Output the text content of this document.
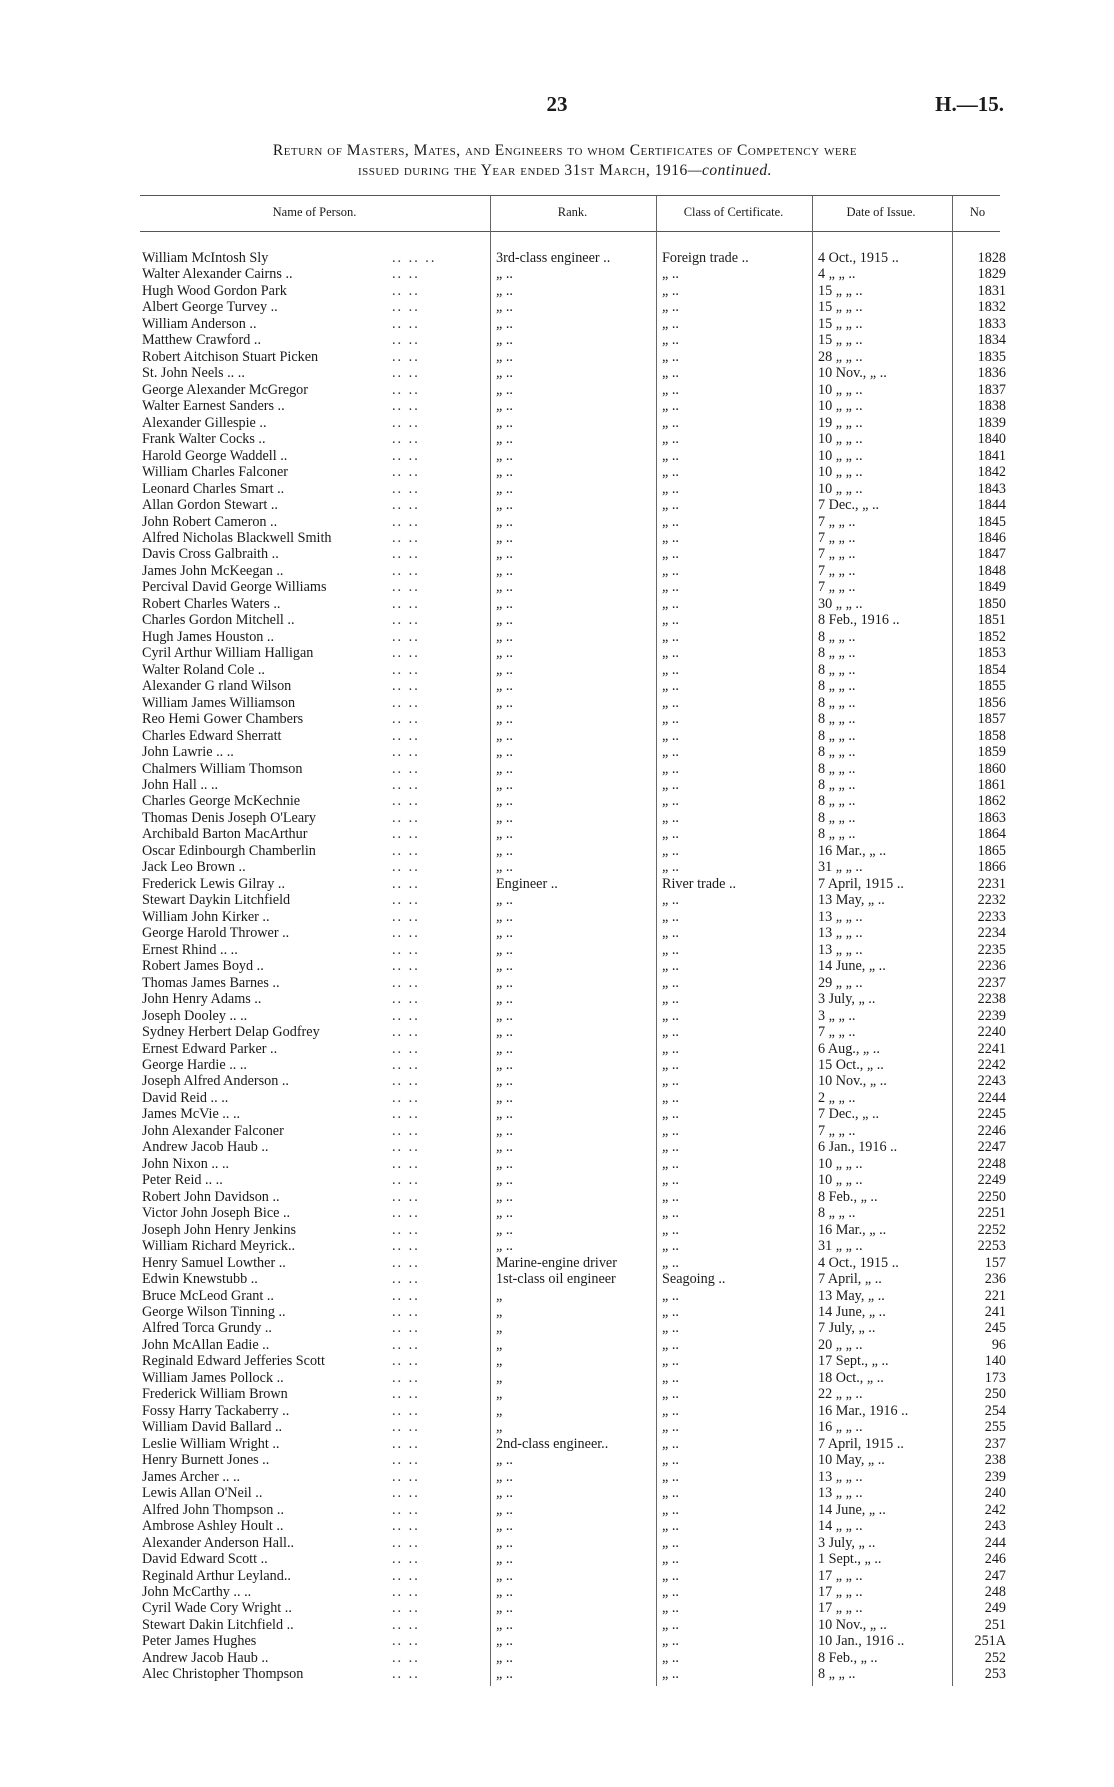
23	H.—15.
Return of Masters, Mates, and Engineers to whom Certificates of Competency were
issued during the Year ended 31st March, 1916—continued.
Name of Person.	Rank.	Class of Certificate.	Date of Issue.	No
William McIntosh Sly	.. .. ..	3rd-class engineer ..	Foreign trade ..	4 Oct., 1915 ..	1828
Walter Alexander Cairns ..	.. ..	„ ..	„ ..	4 „ „ ..	1829
Hugh Wood Gordon Park	.. ..	„ ..	„ ..	15 „ „ ..	1831
Albert George Turvey ..	.. ..	„ ..	„ ..	15 „ „ ..	1832
William Anderson ..	.. ..	„ ..	„ ..	15 „ „ ..	1833
Matthew Crawford ..	.. ..	„ ..	„ ..	15 „ „ ..	1834
Robert Aitchison Stuart Picken	.. ..	„ ..	„ ..	28 „ „ ..	1835
St. John Neels .. ..	.. ..	„ ..	„ ..	10 Nov., „ ..	1836
George Alexander McGregor	.. ..	„ ..	„ ..	10 „ „ ..	1837
Walter Earnest Sanders ..	.. ..	„ ..	„ ..	10 „ „ ..	1838
Alexander Gillespie ..	.. ..	„ ..	„ ..	19 „ „ ..	1839
Frank Walter Cocks ..	.. ..	„ ..	„ ..	10 „ „ ..	1840
Harold George Waddell ..	.. ..	„ ..	„ ..	10 „ „ ..	1841
William Charles Falconer	.. ..	„ ..	„ ..	10 „ „ ..	1842
Leonard Charles Smart ..	.. ..	„ ..	„ ..	10 „ „ ..	1843
Allan Gordon Stewart ..	.. ..	„ ..	„ ..	7 Dec., „ ..	1844
John Robert Cameron ..	.. ..	„ ..	„ ..	7 „ „ ..	1845
Alfred Nicholas Blackwell Smith	.. ..	„ ..	„ ..	7 „ „ ..	1846
Davis Cross Galbraith ..	.. ..	„ ..	„ ..	7 „ „ ..	1847
James John McKeegan ..	.. ..	„ ..	„ ..	7 „ „ ..	1848
Percival David George Williams	.. ..	„ ..	„ ..	7 „ „ ..	1849
Robert Charles Waters ..	.. ..	„ ..	„ ..	30 „ „ ..	1850
Charles Gordon Mitchell ..	.. ..	„ ..	„ ..	8 Feb., 1916 ..	1851
Hugh James Houston ..	.. ..	„ ..	„ ..	8 „ „ ..	1852
Cyril Arthur William Halligan	.. ..	„ ..	„ ..	8 „ „ ..	1853
Walter Roland Cole ..	.. ..	„ ..	„ ..	8 „ „ ..	1854
Alexander G rland Wilson	.. ..	„ ..	„ ..	8 „ „ ..	1855
William James Williamson	.. ..	„ ..	„ ..	8 „ „ ..	1856
Reo Hemi Gower Chambers	.. ..	„ ..	„ ..	8 „ „ ..	1857
Charles Edward Sherratt	.. ..	„ ..	„ ..	8 „ „ ..	1858
John Lawrie .. ..	.. ..	„ ..	„ ..	8 „ „ ..	1859
Chalmers William Thomson	.. ..	„ ..	„ ..	8 „ „ ..	1860
John Hall .. ..	.. ..	„ ..	„ ..	8 „ „ ..	1861
Charles George McKechnie	.. ..	„ ..	„ ..	8 „ „ ..	1862
Thomas Denis Joseph O'Leary	.. ..	„ ..	„ ..	8 „ „ ..	1863
Archibald Barton MacArthur	.. ..	„ ..	„ ..	8 „ „ ..	1864
Oscar Edinbourgh Chamberlin	.. ..	„ ..	„ ..	16 Mar., „ ..	1865
Jack Leo Brown ..	.. ..	„ ..	„ ..	31 „ „ ..	1866
Frederick Lewis Gilray ..	.. ..	Engineer ..	River trade ..	7 April, 1915 ..	2231
Stewart Daykin Litchfield	.. ..	„ ..	„ ..	13 May, „ ..	2232
William John Kirker ..	.. ..	„ ..	„ ..	13 „ „ ..	2233
George Harold Thrower ..	.. ..	„ ..	„ ..	13 „ „ ..	2234
Ernest Rhind .. ..	.. ..	„ ..	„ ..	13 „ „ ..	2235
Robert James Boyd ..	.. ..	„ ..	„ ..	14 June, „ ..	2236
Thomas James Barnes ..	.. ..	„ ..	„ ..	29 „ „ ..	2237
John Henry Adams ..	.. ..	„ ..	„ ..	3 July, „ ..	2238
Joseph Dooley .. ..	.. ..	„ ..	„ ..	3 „ „ ..	2239
Sydney Herbert Delap Godfrey	.. ..	„ ..	„ ..	7 „ „ ..	2240
Ernest Edward Parker ..	.. ..	„ ..	„ ..	6 Aug., „ ..	2241
George Hardie .. ..	.. ..	„ ..	„ ..	15 Oct., „ ..	2242
Joseph Alfred Anderson ..	.. ..	„ ..	„ ..	10 Nov., „ ..	2243
David Reid .. ..	.. ..	„ ..	„ ..	2 „ „ ..	2244
James McVie .. ..	.. ..	„ ..	„ ..	7 Dec., „ ..	2245
John Alexander Falconer	.. ..	„ ..	„ ..	7 „ „ ..	2246
Andrew Jacob Haub ..	.. ..	„ ..	„ ..	6 Jan., 1916 ..	2247
John Nixon .. ..	.. ..	„ ..	„ ..	10 „ „ ..	2248
Peter Reid .. ..	.. ..	„ ..	„ ..	10 „ „ ..	2249
Robert John Davidson ..	.. ..	„ ..	„ ..	8 Feb., „ ..	2250
Victor John Joseph Bice ..	.. ..	„ ..	„ ..	8 „ „ ..	2251
Joseph John Henry Jenkins	.. ..	„ ..	„ ..	16 Mar., „ ..	2252
William Richard Meyrick..	.. ..	„ ..	„ ..	31 „ „ ..	2253
Henry Samuel Lowther ..	.. ..	Marine-engine driver	„ ..	4 Oct., 1915 ..	157
Edwin Knewstubb ..	.. ..	1st-class oil engineer	Seagoing ..	7 April, „ ..	236
Bruce McLeod Grant ..	.. ..	„	„ ..	13 May, „ ..	221
George Wilson Tinning ..	.. ..	„	„ ..	14 June, „ ..	241
Alfred Torca Grundy ..	.. ..	„	„ ..	7 July, „ ..	245
John McAllan Eadie ..	.. ..	„	„ ..	20 „ „ ..	96
Reginald Edward Jefferies Scott	.. ..	„	„ ..	17 Sept., „ ..	140
William James Pollock ..	.. ..	„	„ ..	18 Oct., „ ..	173
Frederick William Brown	.. ..	„	„ ..	22 „ „ ..	250
Fossy Harry Tackaberry ..	.. ..	„	„ ..	16 Mar., 1916 ..	254
William David Ballard ..	.. ..	„	„ ..	16 „ „ ..	255
Leslie William Wright ..	.. ..	2nd-class engineer..	„ ..	7 April, 1915 ..	237
Henry Burnett Jones ..	.. ..	„ ..	„ ..	10 May, „ ..	238
James Archer .. ..	.. ..	„ ..	„ ..	13 „ „ ..	239
Lewis Allan O'Neil ..	.. ..	„ ..	„ ..	13 „ „ ..	240
Alfred John Thompson ..	.. ..	„ ..	„ ..	14 June, „ ..	242
Ambrose Ashley Hoult ..	.. ..	„ ..	„ ..	14 „ „ ..	243
Alexander Anderson Hall..	.. ..	„ ..	„ ..	3 July, „ ..	244
David Edward Scott ..	.. ..	„ ..	„ ..	1 Sept., „ ..	246
Reginald Arthur Leyland..	.. ..	„ ..	„ ..	17 „ „ ..	247
John McCarthy .. ..	.. ..	„ ..	„ ..	17 „ „ ..	248
Cyril Wade Cory Wright ..	.. ..	„ ..	„ ..	17 „ „ ..	249
Stewart Dakin Litchfield ..	.. ..	„ ..	„ ..	10 Nov., „ ..	251
Peter James Hughes	.. ..	„ ..	„ ..	10 Jan., 1916 ..	251A
Andrew Jacob Haub ..	.. ..	„ ..	„ ..	8 Feb., „ ..	252
Alec Christopher Thompson	.. ..	„ ..	„ ..	8 „ „ ..	253
